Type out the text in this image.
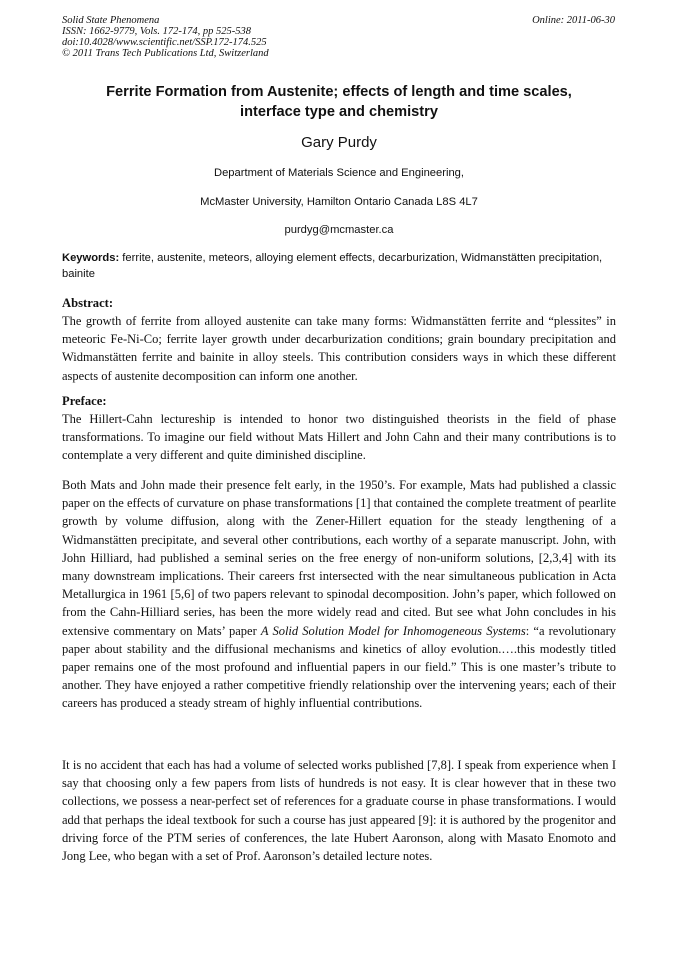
Solid State Phenomena
ISSN: 1662-9779, Vols. 172-174, pp 525-538
doi:10.4028/www.scientific.net/SSP.172-174.525
© 2011 Trans Tech Publications Ltd, Switzerland
Online: 2011-06-30
Ferrite Formation from Austenite; effects of length and time scales,
interface type and chemistry
Gary Purdy
Department of Materials Science and Engineering,
McMaster University, Hamilton Ontario Canada L8S 4L7
purdyg@mcmaster.ca
Keywords: ferrite, austenite, meteors, alloying element effects, decarburization, Widmanstätten precipitation, bainite
Abstract:
The growth of ferrite from alloyed austenite can take many forms: Widmanstätten ferrite and “plessites” in meteoric Fe-Ni-Co; ferrite layer growth under decarburization conditions; grain boundary precipitation and Widmanstätten ferrite and bainite in alloy steels. This contribution considers ways in which these different aspects of austenite decomposition can inform one another.
Preface:
The Hillert-Cahn lectureship is intended to honor two distinguished theorists in the field of phase transformations. To imagine our field without Mats Hillert and John Cahn and their many contributions is to contemplate a very different and quite diminished discipline.
Both Mats and John made their presence felt early, in the 1950’s. For example, Mats had published a classic paper on the effects of curvature on phase transformations [1] that contained the complete treatment of pearlite growth by volume diffusion, along with the Zener-Hillert equation for the steady lengthening of a Widmanstätten precipitate, and several other contributions, each worthy of a separate manuscript. John, with John Hilliard, had published a seminal series on the free energy of non-uniform solutions, [2,3,4] with its many downstream implications. Their careers frst intersected with the near simultaneous publication in Acta Metallurgica in 1961 [5,6] of two papers relevant to spinodal decomposition. John’s paper, which followed on from the Cahn-Hilliard series, has been the more widely read and cited. But see what John concludes in his extensive commentary on Mats’ paper A Solid Solution Model for Inhomogeneous Systems: “a revolutionary paper about stability and the diffusional mechanisms and kinetics of alloy evolution.….this modestly titled paper remains one of the most profound and influential papers in our field.” This is one master’s tribute to another. They have enjoyed a rather competitive friendly relationship over the intervening years; each of their careers has produced a steady stream of highly influential contributions.
It is no accident that each has had a volume of selected works published [7,8]. I speak from experience when I say that choosing only a few papers from lists of hundreds is not easy. It is clear however that in these two collections, we possess a near-perfect set of references for a graduate course in phase transformations. I would add that perhaps the ideal textbook for such a course has just appeared [9]: it is authored by the progenitor and driving force of the PTM series of conferences, the late Hubert Aaronson, along with Masato Enomoto and Jong Lee, who began with a set of Prof. Aaronson’s detailed lecture notes.
